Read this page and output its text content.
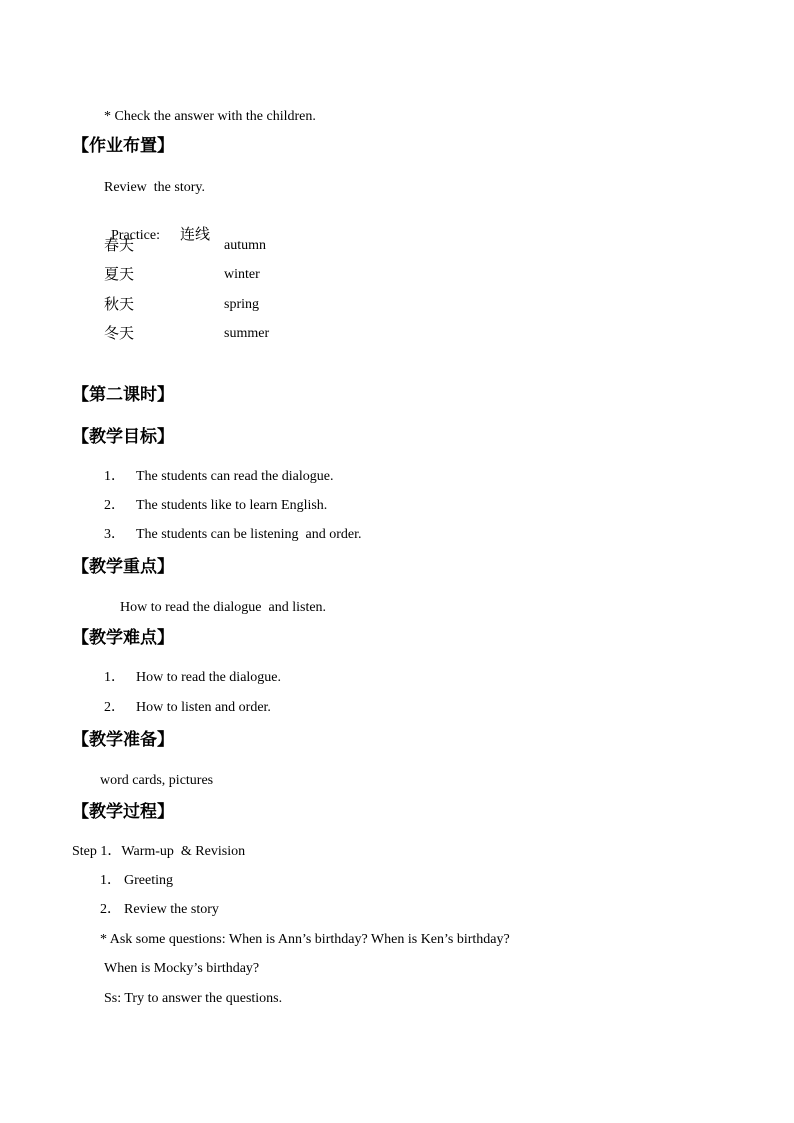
* Check the answer with the children.
【作业布置】
Review  the story.

Practice: 连线

春天	autumn
夏天	winter
秋天	spring
冬天	summer
【第二课时】
【教学目标】
1． The students can read the dialogue.
2． The students like to learn English.
3． The students can be listening  and order.
【教学重点】
How to read the dialogue  and listen.
【教学难点】
1． How to read the dialogue.
2． How to listen and order.
【教学准备】
word cards, pictures
【教学过程】
Step 1．Warm-up  & Revision
1． Greeting
2． Review the story
* Ask some questions: When is Ann’s birthday? When is Ken’s birthday?
When is Mocky’s birthday?
Ss: Try to answer the questions.
